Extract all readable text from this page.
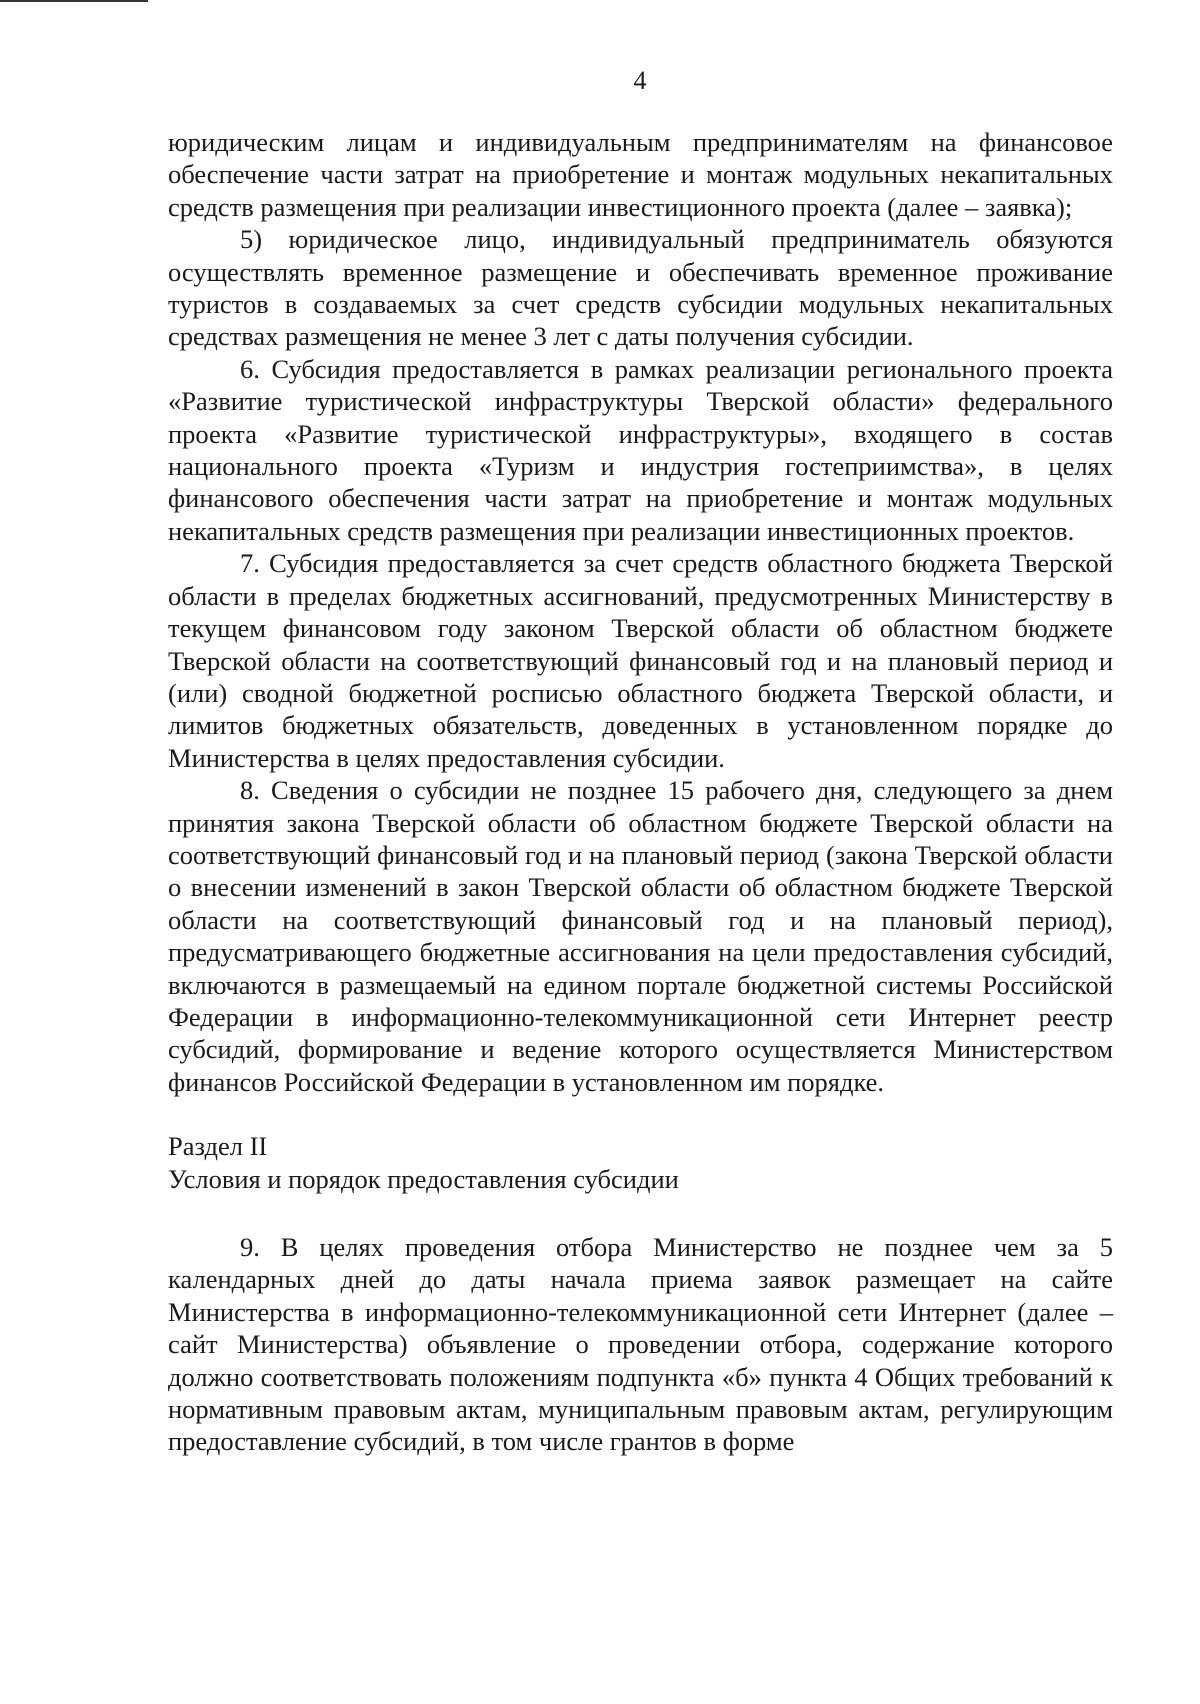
4

юридическим лицам и индивидуальным предпринимателям на финансовое обеспечение части затрат на приобретение и монтаж модульных некапитальных средств размещения при реализации инвестиционного проекта (далее – заявка);

5) юридическое лицо, индивидуальный предприниматель обязуются осуществлять временное размещение и обеспечивать временное проживание туристов в создаваемых за счет средств субсидии модульных некапитальных средствах размещения не менее 3 лет с даты получения субсидии.

6. Субсидия предоставляется в рамках реализации регионального проекта «Развитие туристической инфраструктуры Тверской области» федерального проекта «Развитие туристической инфраструктуры», входящего в состав национального проекта «Туризм и индустрия гостеприимства», в целях финансового обеспечения части затрат на приобретение и монтаж модульных некапитальных средств размещения при реализации инвестиционных проектов.

7. Субсидия предоставляется за счет средств областного бюджета Тверской области в пределах бюджетных ассигнований, предусмотренных Министерству в текущем финансовом году законом Тверской области об областном бюджете Тверской области на соответствующий финансовый год и на плановый период и (или) сводной бюджетной росписью областного бюджета Тверской области, и лимитов бюджетных обязательств, доведенных в установленном порядке до Министерства в целях предоставления субсидии.

8. Сведения о субсидии не позднее 15 рабочего дня, следующего за днем принятия закона Тверской области об областном бюджете Тверской области на соответствующий финансовый год и на плановый период (закона Тверской области о внесении изменений в закон Тверской области об областном бюджете Тверской области на соответствующий финансовый год и на плановый период), предусматривающего бюджетные ассигнования на цели предоставления субсидий, включаются в размещаемый на едином портале бюджетной системы Российской Федерации в информационно-телекоммуникационной сети Интернет реестр субсидий, формирование и ведение которого осуществляется Министерством финансов Российской Федерации в установленном им порядке.

Раздел II

Условия и порядок предоставления субсидии

9. В целях проведения отбора Министерство не позднее чем за 5 календарных дней до даты начала приема заявок размещает на сайте Министерства в информационно-телекоммуникационной сети Интернет (далее – сайт Министерства) объявление о проведении отбора, содержание которого должно соответствовать положениям подпункта «б» пункта 4 Общих требований к нормативным правовым актам, муниципальным правовым актам, регулирующим предоставление субсидий, в том числе грантов в форме
